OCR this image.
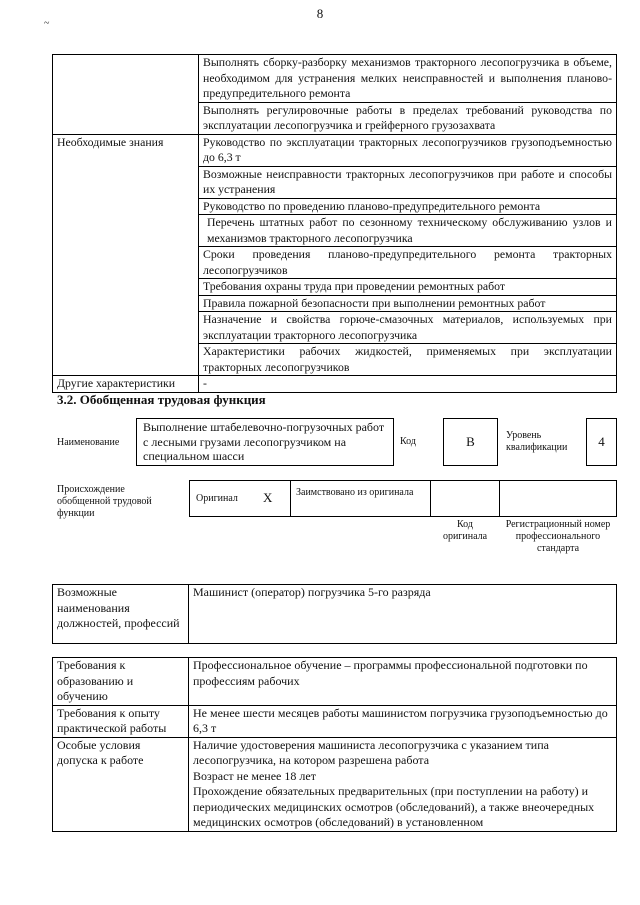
8
~
	Выполнять сборку-разборку механизмов тракторного лесопогрузчика в объеме, необходимом для устранения мелких неисправностей и выполнения планово-предупредительного ремонта
	Выполнять регулировочные работы в пределах требований руководства по эксплуатации лесопогрузчика и грейферного грузозахвата
Необходимые знания	Руководство по эксплуатации тракторных лесопогрузчиков грузоподъемностью до 6,3 т
	Возможные неисправности тракторных лесопогрузчиков при работе и способы их устранения
	Руководство по проведению планово-предупредительного ремонта
	Перечень штатных работ по сезонному техническому обслуживанию узлов и механизмов тракторного лесопогрузчика
	Сроки проведения планово-предупредительного ремонта тракторных лесопогрузчиков
	Требования охраны труда при проведении ремонтных работ
	Правила пожарной безопасности при выполнении ремонтных работ
	Назначение и свойства горюче-смазочных материалов, используемых при эксплуатации тракторного лесопогрузчика
	Характеристики рабочих жидкостей, применяемых при эксплуатации тракторных лесопогрузчиков
Другие характеристики	-
3.2. Обобщенная трудовая функция
Наименование
Выполнение штабелевочно-погрузочных работ с лесными грузами лесопогрузчиком на специальном шасси
Код	В	Уровень квалификации	4
Происхождение обобщенной трудовой функции
Оригинал X Заимствовано из оригинала
Код оригинала
Регистрационный номер профессионального стандарта
Возможные наименования должностей, профессий	Машинист (оператор) погрузчика 5-го разряда
Требования к образованию и обучению	Профессиональное обучение – программы профессиональной подготовки по профессиям рабочих

Требования к опыту практической работы	Не менее шести месяцев работы машинистом погрузчика грузоподъемностью до 6,3 т

Особые условия допуска к работе	Наличие удостоверения машиниста лесопогрузчика с указанием типа лесопогрузчика, на котором разрешена работа
Возраст не менее 18 лет
Прохождение обязательных предварительных (при поступлении на работу) и периодических медицинских осмотров (обследований), а также внеочередных медицинских осмотров (обследований) в установленном
